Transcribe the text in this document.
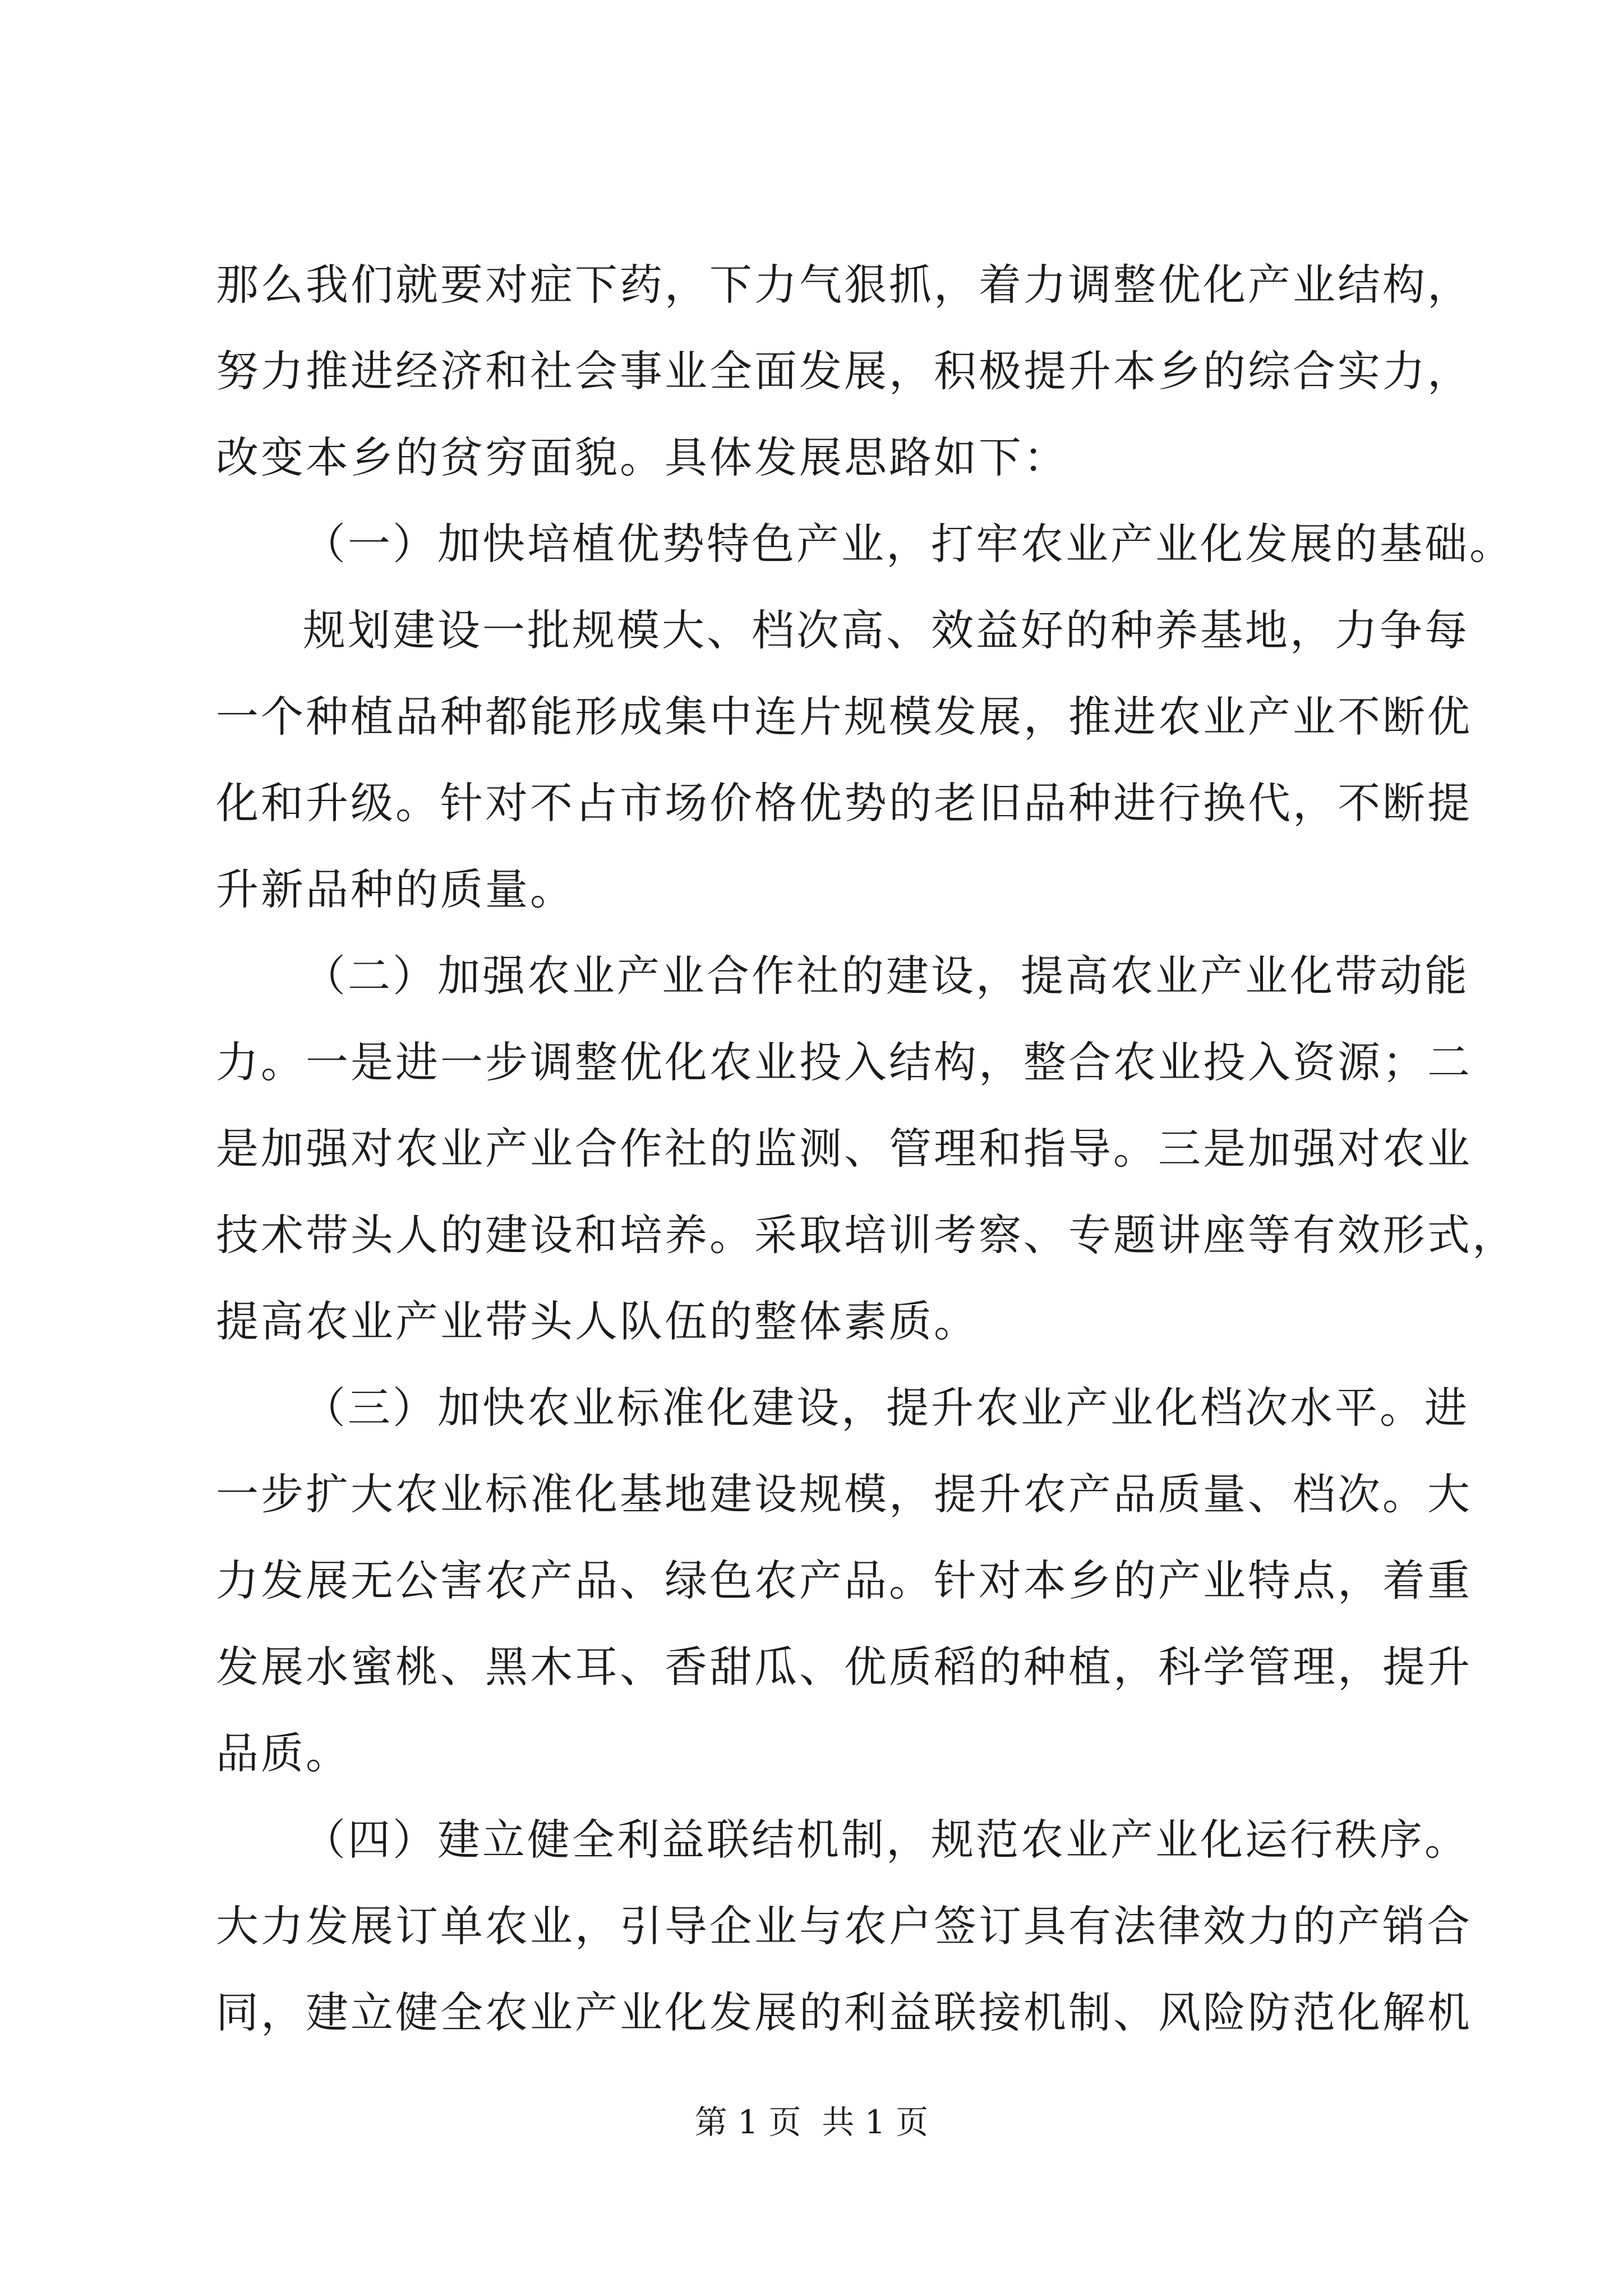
那么我们就要对症下药，下力气狠抓，着力调整优化产业结构，
努力推进经济和社会事业全面发展，积极提升本乡的综合实力，
改变本乡的贫穷面貌。具体发展思路如下：
（一）加快培植优势特色产业，打牢农业产业化发展的基础。
规划建设一批规模大、档次高、效益好的种养基地，力争每
一个种植品种都能形成集中连片规模发展，推进农业产业不断优
化和升级。针对不占市场价格优势的老旧品种进行换代，不断提
升新品种的质量。
（二）加强农业产业合作社的建设，提高农业产业化带动能
力。一是进一步调整优化农业投入结构，整合农业投入资源；二
是加强对农业产业合作社的监测、管理和指导。三是加强对农业
技术带头人的建设和培养。采取培训考察、专题讲座等有效形式，
提高农业产业带头人队伍的整体素质。
（三）加快农业标准化建设，提升农业产业化档次水平。进
一步扩大农业标准化基地建设规模，提升农产品质量、档次。大
力发展无公害农产品、绿色农产品。针对本乡的产业特点，着重
发展水蜜桃、黑木耳、香甜瓜、优质稻的种植，科学管理，提升
品质。
（四）建立健全利益联结机制，规范农业产业化运行秩序。
大力发展订单农业，引导企业与农户签订具有法律效力的产销合
同，建立健全农业产业化发展的利益联接机制、风险防范化解机
第 1 页  共 1 页
